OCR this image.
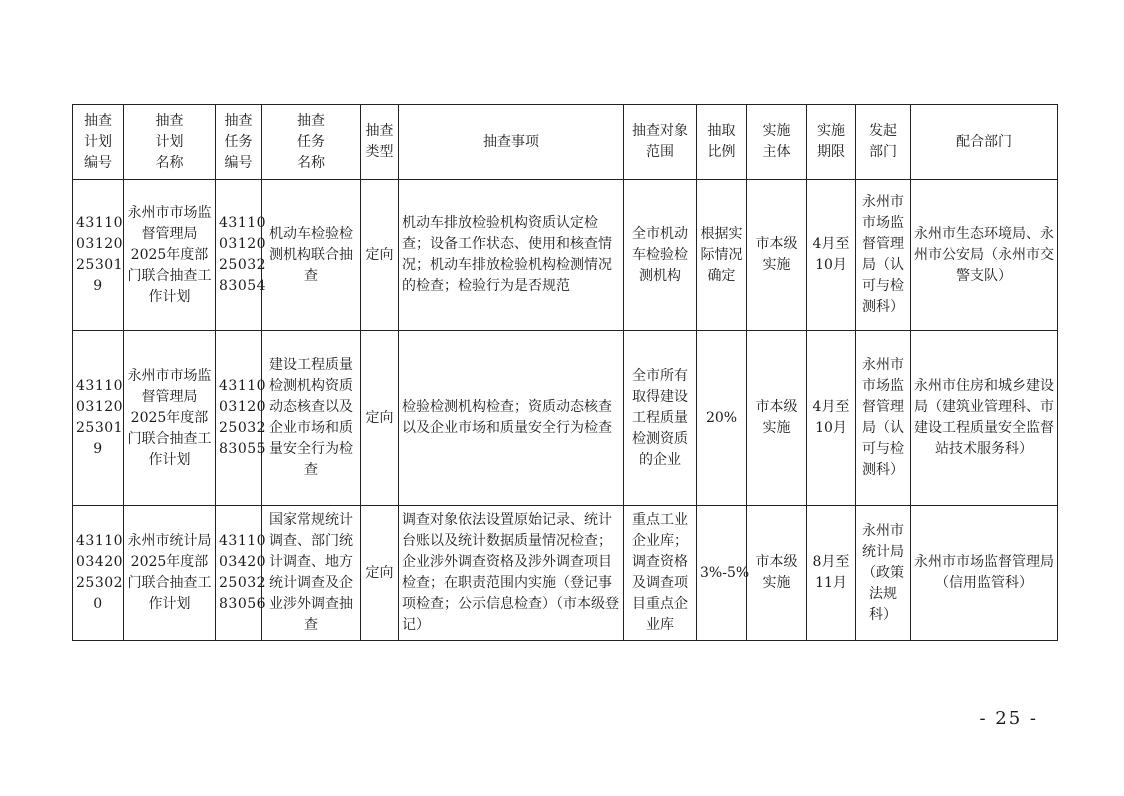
抽查
计划
编号	抽查
计划
名称	抽查
任务
编号	抽查
任务
名称	抽查
类型	抽查事项	抽查对象
范围	抽取
比例	实施
主体	实施
期限	发起
部门	配合部门
43110
03120
25301
9	永州市市场监督管理局2025年度部门联合抽查工作计划	43110
03120
25032
83054	机动车检验检测机构联合抽查	定向	机动车排放检验机构资质认定检查；设备工作状态、使用和核查情况；机动车排放检验机构检测情况的检查；检验行为是否规范	全市机动车检验检测机构	根据实际情况确定	市本级实施	4月至10月	永州市市场监督管理局（认可与检测科）	永州市生态环境局、永州市公安局（永州市交警支队）
43110
03120
25301
9	永州市市场监督管理局2025年度部门联合抽查工作计划	43110
03120
25032
83055	建设工程质量检测机构资质动态核查以及企业市场和质量安全行为检查	定向	检验检测机构检查；资质动态核查以及企业市场和质量安全行为检查	全市所有取得建设工程质量检测资质的企业	20%	市本级实施	4月至10月	永州市市场监督管理局（认可与检测科）	永州市住房和城乡建设局（建筑业管理科、市建设工程质量安全监督站技术服务科）
43110
03420
25302
0	永州市统计局2025年度部门联合抽查工作计划	43110
03420
25032
83056	国家常规统计调查、部门统计调查、地方统计调查及企业涉外调查抽查	定向	调查对象依法设置原始记录、统计台账以及统计数据质量情况检查；企业涉外调查资格及涉外调查项目检查；在职责范围内实施（登记事项检查；公示信息检查）（市本级登记）	重点工业企业库；调查资格及调查项目重点企业库	3%-5%	市本级实施	8月至11月	永州市统计局（政策法规科）	永州市市场监督管理局（信用监管科）
- 25 -
